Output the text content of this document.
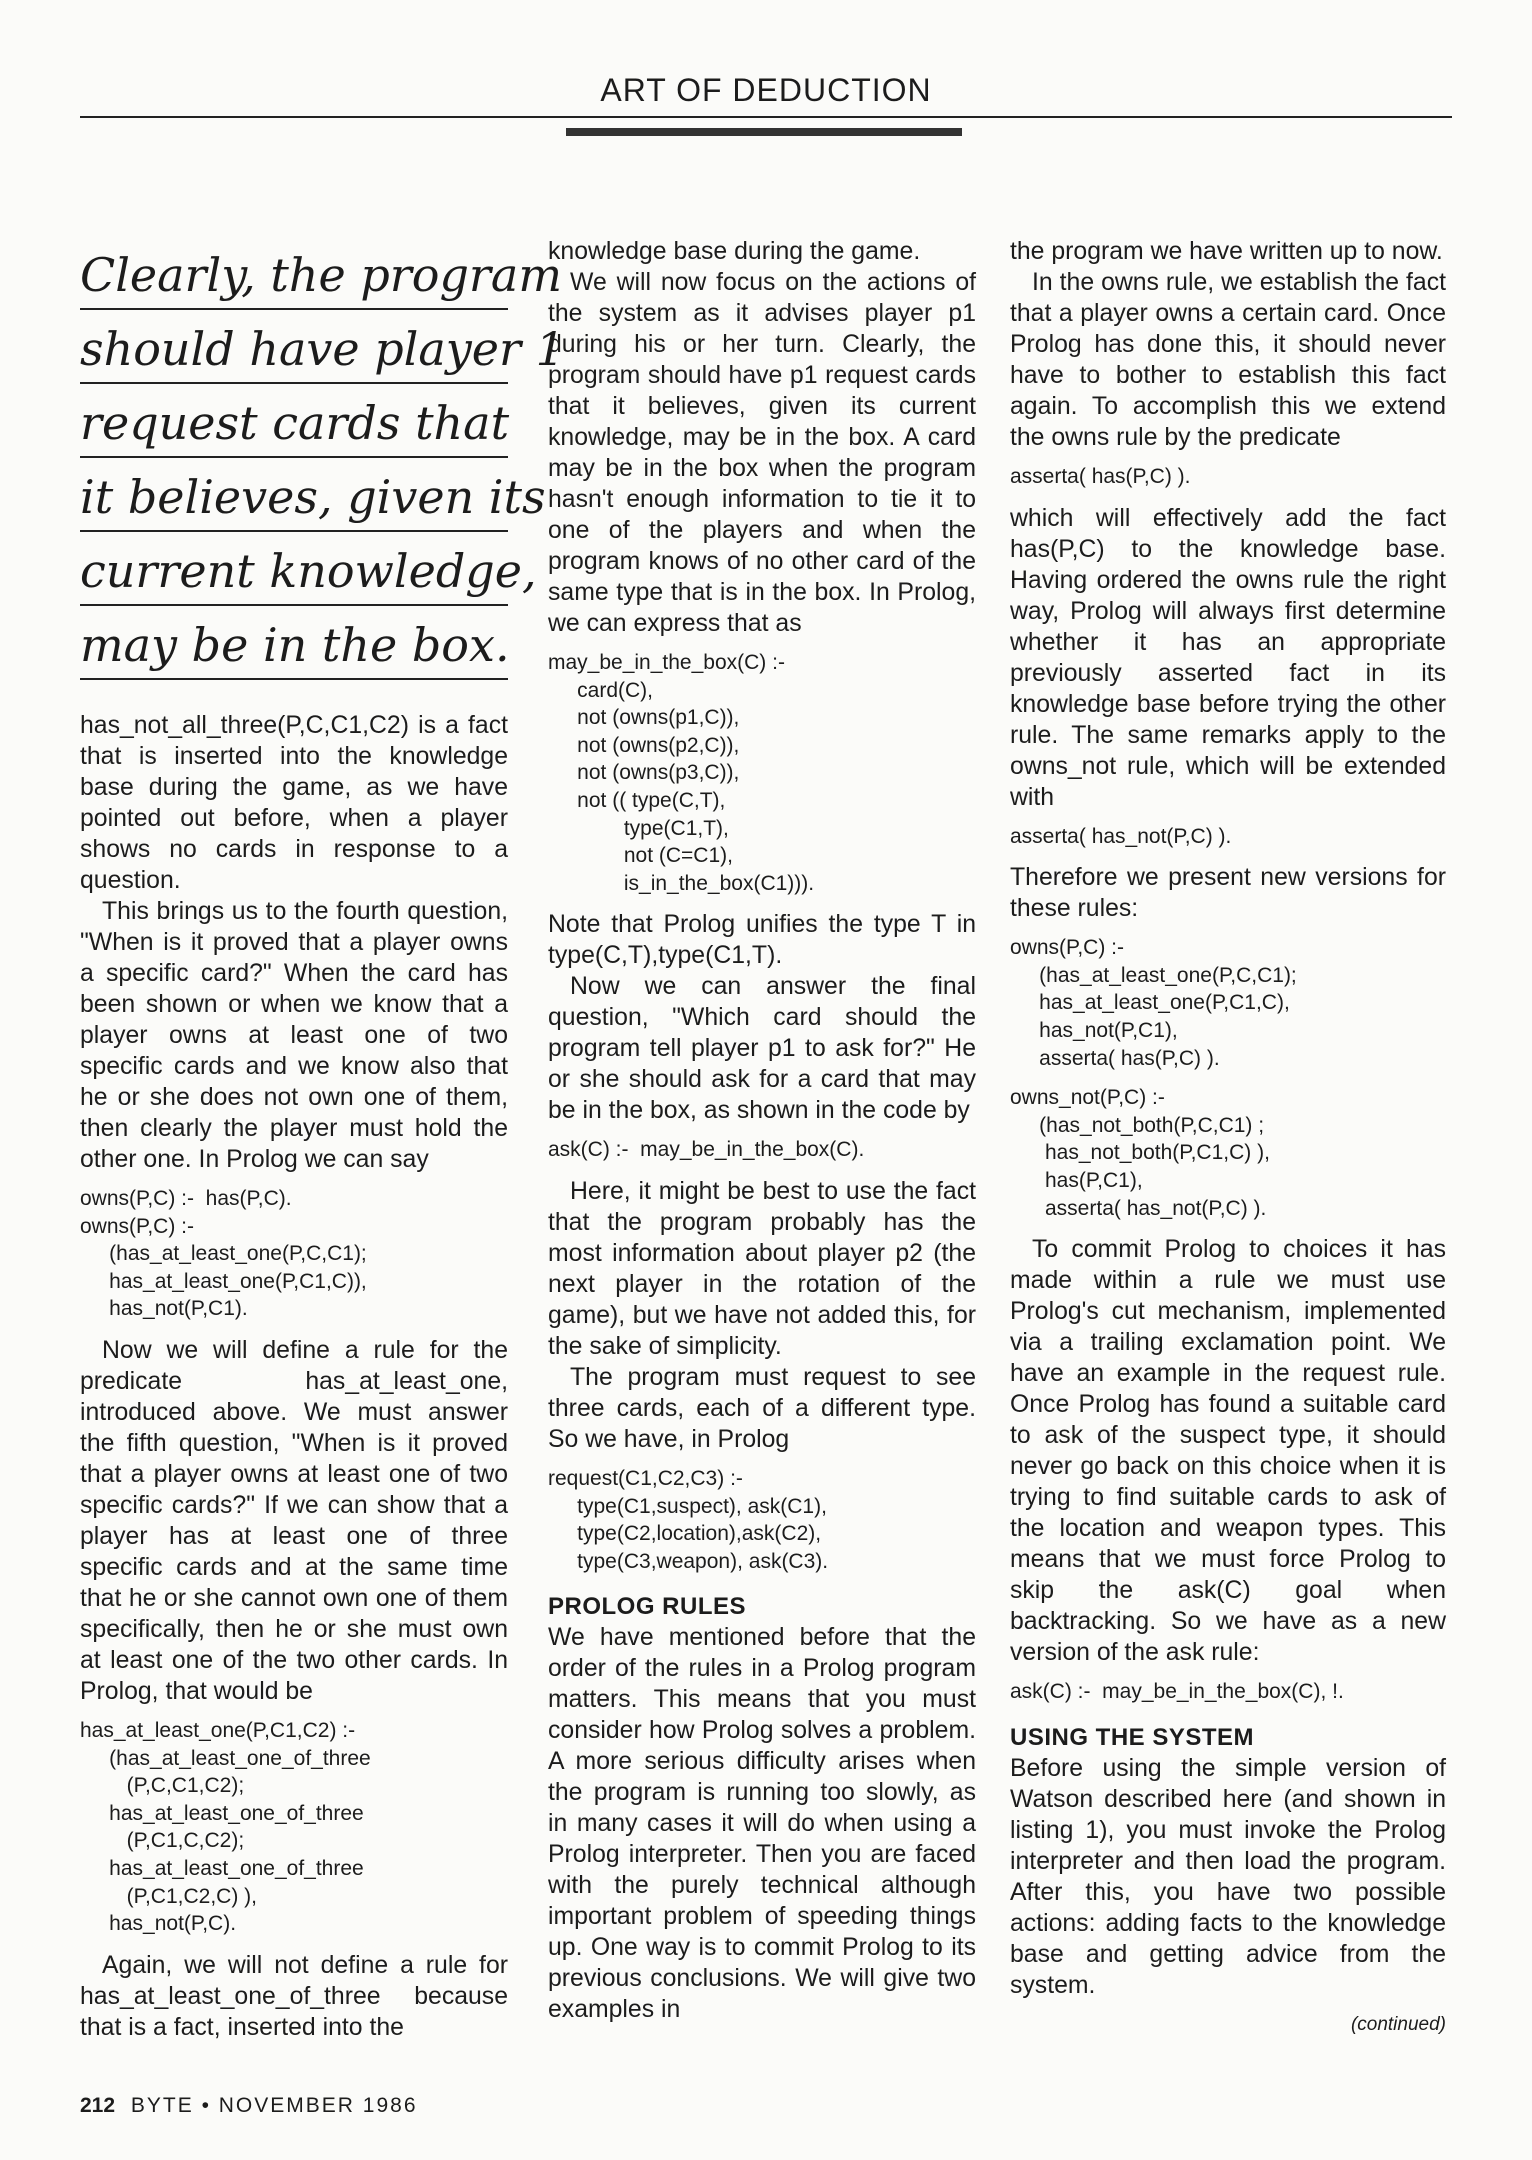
ART OF DEDUCTION
Clearly, the program
should have player 1
request cards that
it believes, given its
current knowledge,
may be in the box.

has_not_all_three(P,C,C1,C2) is a fact that is inserted into the knowledge base during the game, as we have pointed out before, when a player shows no cards in response to a question.

This brings us to the fourth question, "When is it proved that a player owns a specific card?" When the card has been shown or when we know that a player owns at least one of two specific cards and we know also that he or she does not own one of them, then clearly the player must hold the other one. In Prolog we can say

owns(P,C) :-  has(P,C).
owns(P,C) :-
(has_at_least_one(P,C,C1);
has_at_least_one(P,C1,C)),
has_not(P,C1).

Now we will define a rule for the predicate has_at_least_one, introduced above. We must answer the fifth question, "When is it proved that a player owns at least one of two specific cards?" If we can show that a player has at least one of three specific cards and at the same time that he or she cannot own one of them specifically, then he or she must own at least one of the two other cards. In Prolog, that would be

has_at_least_one(P,C1,C2) :-
(has_at_least_one_of_three
(P,C,C1,C2);
has_at_least_one_of_three
(P,C1,C,C2);
has_at_least_one_of_three
(P,C1,C2,C) ),
has_not(P,C).

Again, we will not define a rule for has_at_least_one_of_three because that is a fact, inserted into the

knowledge base during the game.

We will now focus on the actions of the system as it advises player p1 during his or her turn. Clearly, the program should have p1 request cards that it believes, given its current knowledge, may be in the box. A card may be in the box when the program hasn't enough information to tie it to one of the players and when the program knows of no other card of the same type that is in the box. In Prolog, we can express that as

may_be_in_the_box(C) :-
card(C),
not (owns(p1,C)),
not (owns(p2,C)),
not (owns(p3,C)),
not (( type(C,T),
type(C1,T),
not (C=C1),
is_in_the_box(C1))).

Note that Prolog unifies the type T in type(C,T),type(C1,T).

Now we can answer the final question, "Which card should the program tell player p1 to ask for?" He or she should ask for a card that may be in the box, as shown in the code by

ask(C) :-  may_be_in_the_box(C).

Here, it might be best to use the fact that the program probably has the most information about player p2 (the next player in the rotation of the game), but we have not added this, for the sake of simplicity.

The program must request to see three cards, each of a different type. So we have, in Prolog

request(C1,C2,C3) :-
type(C1,suspect), ask(C1),
type(C2,location),ask(C2),
type(C3,weapon), ask(C3).
PROLOG RULES

We have mentioned before that the order of the rules in a Prolog program matters. This means that you must consider how Prolog solves a problem. A more serious difficulty arises when the program is running too slowly, as in many cases it will do when using a Prolog interpreter. Then you are faced with the purely technical although important problem of speeding things up. One way is to commit Prolog to its previous conclusions. We will give two examples in

the program we have written up to now.

In the owns rule, we establish the fact that a player owns a certain card. Once Prolog has done this, it should never have to bother to establish this fact again. To accomplish this we extend the owns rule by the predicate

asserta( has(P,C) ).

which will effectively add the fact has(P,C) to the knowledge base. Having ordered the owns rule the right way, Prolog will always first determine whether it has an appropriate previously asserted fact in its knowledge base before trying the other rule. The same remarks apply to the owns_not rule, which will be extended with

asserta( has_not(P,C) ).

Therefore we present new versions for these rules:

owns(P,C) :-
(has_at_least_one(P,C,C1);
has_at_least_one(P,C1,C),
has_not(P,C1),
asserta( has(P,C) ).
owns_not(P,C) :-
(has_not_both(P,C,C1) ;
has_not_both(P,C1,C) ),
has(P,C1),
asserta( has_not(P,C) ).

To commit Prolog to choices it has made within a rule we must use Prolog's cut mechanism, implemented via a trailing exclamation point. We have an example in the request rule. Once Prolog has found a suitable card to ask of the suspect type, it should never go back on this choice when it is trying to find suitable cards to ask of the location and weapon types. This means that we must force Prolog to skip the ask(C) goal when backtracking. So we have as a new version of the ask rule:

ask(C) :-  may_be_in_the_box(C), !.
USING THE SYSTEM

Before using the simple version of Watson described here (and shown in listing 1), you must invoke the Prolog interpreter and then load the program. After this, you have two possible actions: adding facts to the knowledge base and getting advice from the system.

(continued)
212 BYTE • NOVEMBER 1986
